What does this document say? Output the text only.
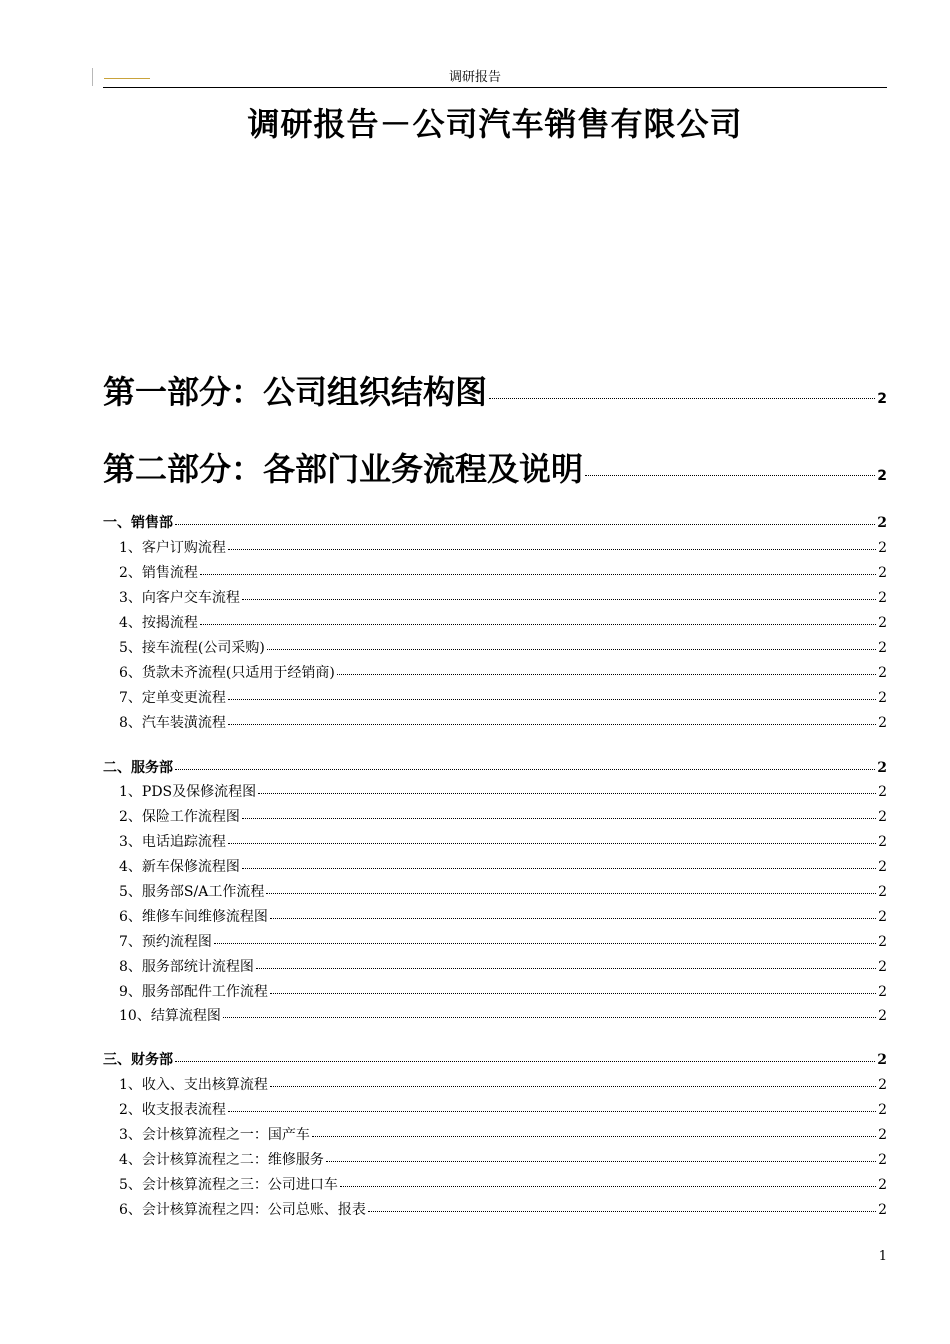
调研报告
调研报告－公司汽车销售有限公司
第一部分：公司组织结构图	2
第二部分：各部门业务流程及说明	2
一、销售部	2
1、客户订购流程	2
2、销售流程	2
3、向客户交车流程	2
4、按揭流程	2
5、接车流程(公司采购)	2
6、货款未齐流程(只适用于经销商)	2
7、定单变更流程	2
8、汽车装潢流程	2
二、服务部	2
1、PDS及保修流程图	2
2、保险工作流程图	2
3、电话追踪流程	2
4、新车保修流程图	2
5、服务部S/A工作流程	2
6、维修车间维修流程图	2
7、预约流程图	2
8、服务部统计流程图	2
9、服务部配件工作流程	2
10、结算流程图	2
三、财务部	2
1、收入、支出核算流程	2
2、收支报表流程	2
3、会计核算流程之一：国产车	2
4、会计核算流程之二：维修服务	2
5、会计核算流程之三：公司进口车	2
6、会计核算流程之四：公司总账、报表	2
1
